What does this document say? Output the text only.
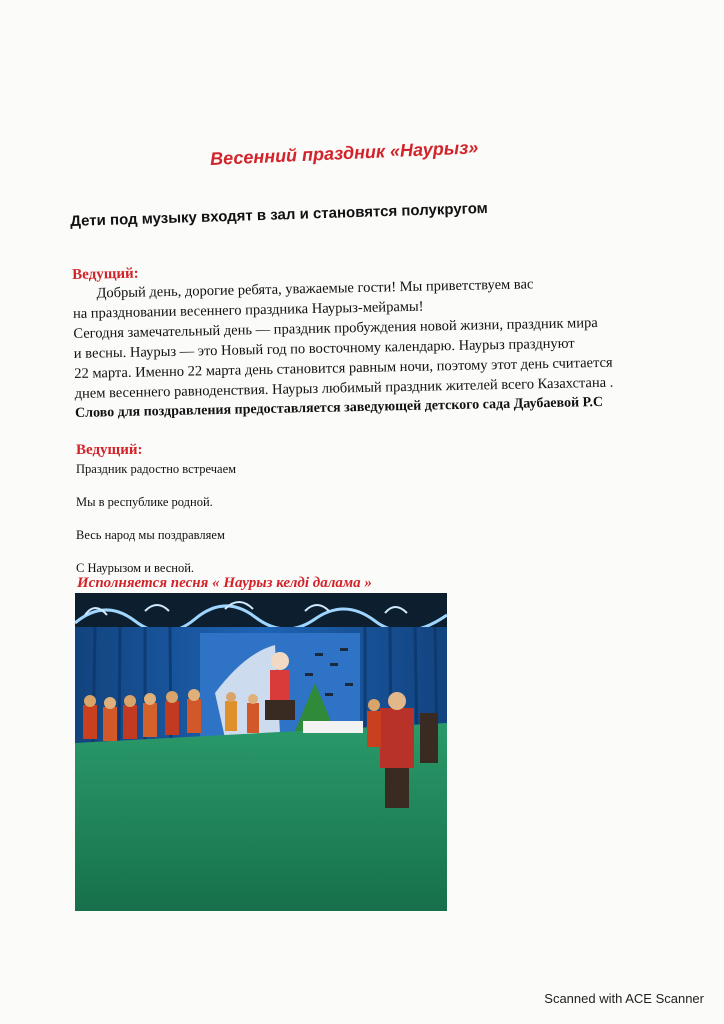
Весенний праздник «Наурыз»
Дети под музыку входят в зал и становятся полукругом
Ведущий:
Добрый день, дорогие ребята, уважаемые гости! Мы приветствуем вас
на праздновании весеннего праздника Наурыз-мейрамы!
Сегодня замечательный день — праздник пробуждения новой жизни, праздник мира
и весны. Наурыз — это Новый год по восточному календарю. Наурыз празднуют
22 марта. Именно 22 марта день становится равным ночи, поэтому этот день считается
днем весеннего равноденствия. Наурыз любимый праздник жителей всего Казахстана .
Слово для поздравления предоставляется заведующей детского сада Даубаевой Р.С
Ведущий:
Праздник радостно встречаем
Мы в республике родной.
Весь народ мы поздравляем
С Наурызом и весной.
Исполняется песня « Наурыз келді далама »
Scanned with ACE Scanner
